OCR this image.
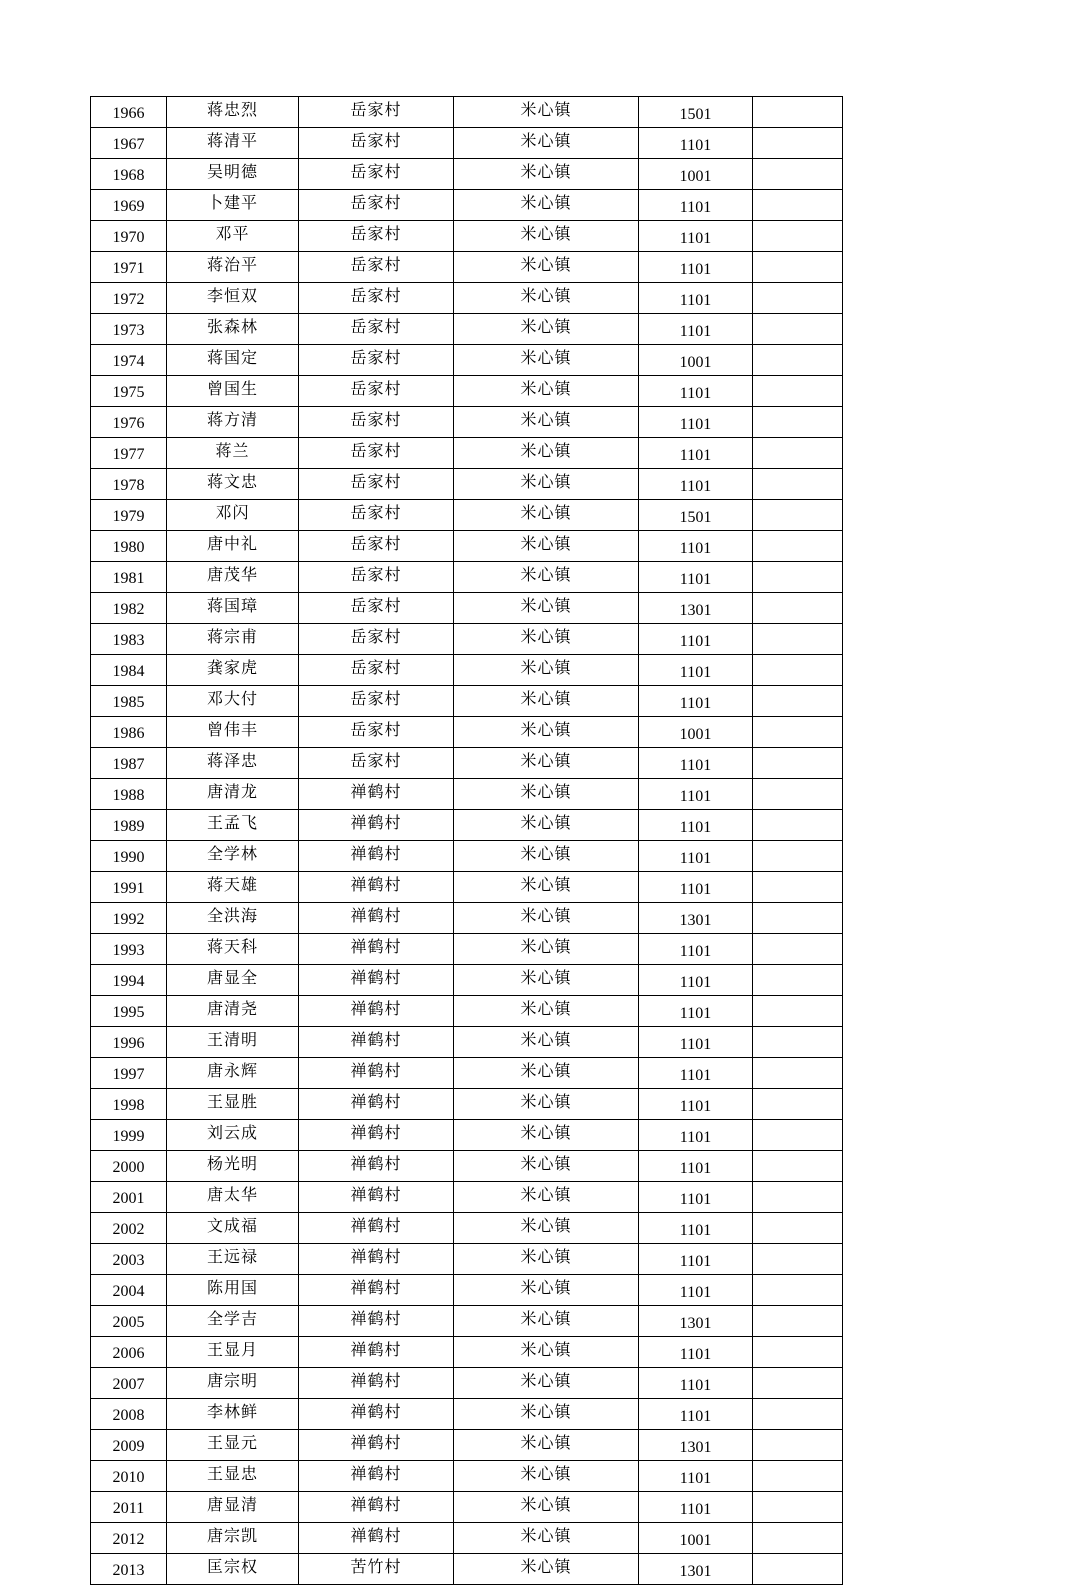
1966	蒋忠烈	岳家村	米心镇	1501	
1967	蒋清平	岳家村	米心镇	1101	
1968	吴明德	岳家村	米心镇	1001	
1969	卜建平	岳家村	米心镇	1101	
1970	邓平	岳家村	米心镇	1101	
1971	蒋治平	岳家村	米心镇	1101	
1972	李恒双	岳家村	米心镇	1101	
1973	张森林	岳家村	米心镇	1101	
1974	蒋国定	岳家村	米心镇	1001	
1975	曾国生	岳家村	米心镇	1101	
1976	蒋方清	岳家村	米心镇	1101	
1977	蒋兰	岳家村	米心镇	1101	
1978	蒋文忠	岳家村	米心镇	1101	
1979	邓闪	岳家村	米心镇	1501	
1980	唐中礼	岳家村	米心镇	1101	
1981	唐茂华	岳家村	米心镇	1101	
1982	蒋国璋	岳家村	米心镇	1301	
1983	蒋宗甫	岳家村	米心镇	1101	
1984	龚家虎	岳家村	米心镇	1101	
1985	邓大付	岳家村	米心镇	1101	
1986	曾伟丰	岳家村	米心镇	1001	
1987	蒋泽忠	岳家村	米心镇	1101	
1988	唐清龙	禅鹤村	米心镇	1101	
1989	王孟飞	禅鹤村	米心镇	1101	
1990	全学林	禅鹤村	米心镇	1101	
1991	蒋天雄	禅鹤村	米心镇	1101	
1992	全洪海	禅鹤村	米心镇	1301	
1993	蒋天科	禅鹤村	米心镇	1101	
1994	唐显全	禅鹤村	米心镇	1101	
1995	唐清尧	禅鹤村	米心镇	1101	
1996	王清明	禅鹤村	米心镇	1101	
1997	唐永辉	禅鹤村	米心镇	1101	
1998	王显胜	禅鹤村	米心镇	1101	
1999	刘云成	禅鹤村	米心镇	1101	
2000	杨光明	禅鹤村	米心镇	1101	
2001	唐太华	禅鹤村	米心镇	1101	
2002	文成福	禅鹤村	米心镇	1101	
2003	王远禄	禅鹤村	米心镇	1101	
2004	陈用国	禅鹤村	米心镇	1101	
2005	全学吉	禅鹤村	米心镇	1301	
2006	王显月	禅鹤村	米心镇	1101	
2007	唐宗明	禅鹤村	米心镇	1101	
2008	李林鲜	禅鹤村	米心镇	1101	
2009	王显元	禅鹤村	米心镇	1301	
2010	王显忠	禅鹤村	米心镇	1101	
2011	唐显清	禅鹤村	米心镇	1101	
2012	唐宗凯	禅鹤村	米心镇	1001	
2013	匡宗权	苦竹村	米心镇	1301	
